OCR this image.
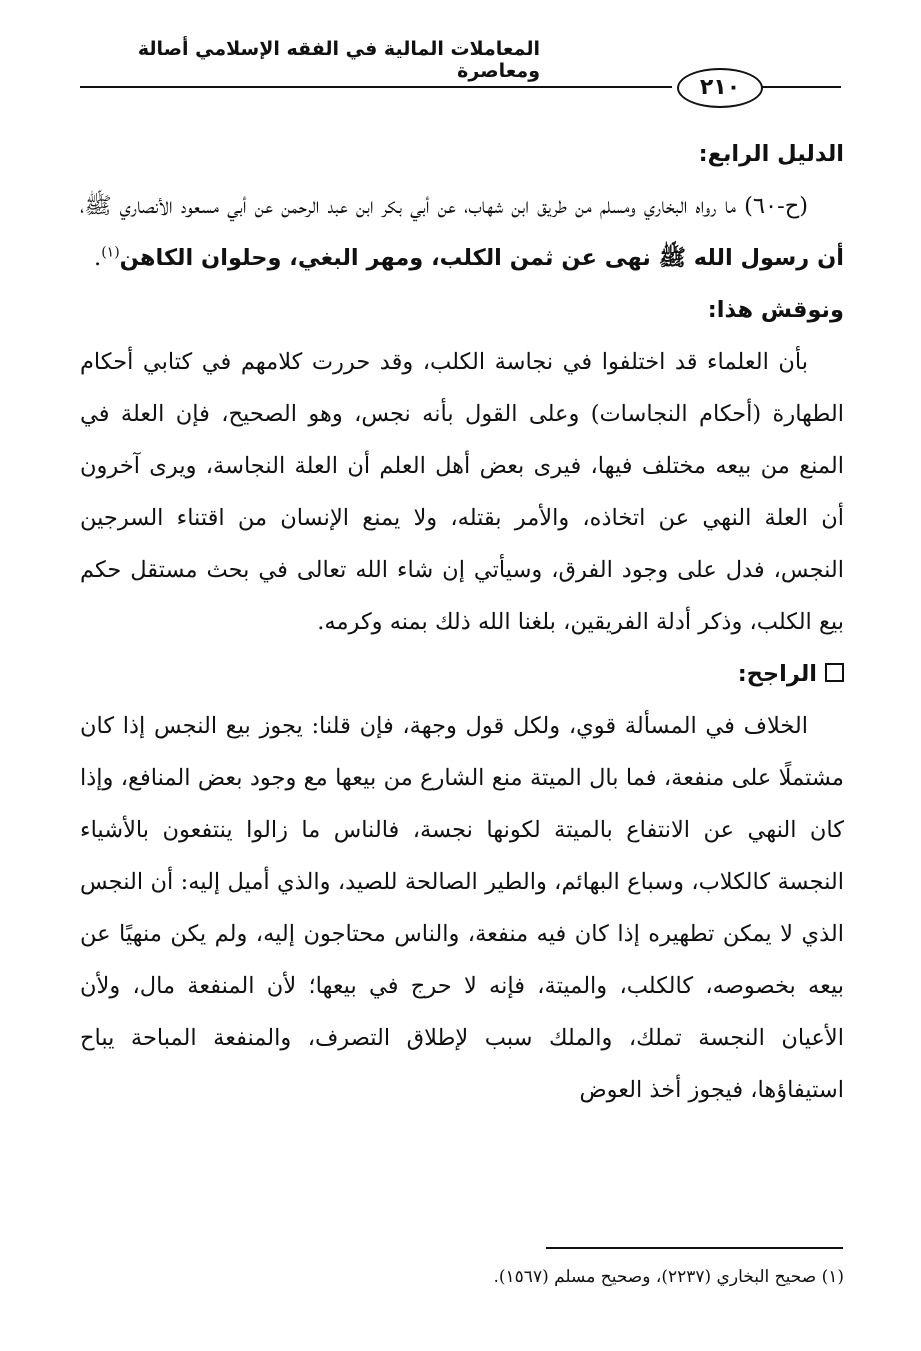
المعاملات المالية في الفقه الإسلامي أصالة ومعاصرة
٢١٠

الدليل الرابع:

(ح-٦٠) ما رواه البخاري ومسلم من طريق ابن شهاب، عن أبي بكر ابن عبد الرحمن عن أبي مسعود الأنصاري ﷺ، أن رسول الله ﷺ نهى عن ثمن الكلب، ومهر البغي، وحلوان الكاهن$^{(١)}$.

ونوقش هذا:

بأن العلماء قد اختلفوا في نجاسة الكلب، وقد حررت كلامهم في كتابي أحكام الطهارة (أحكام النجاسات) وعلى القول بأنه نجس، وهو الصحيح، فإن العلة في المنع من بيعه مختلف فيها، فيرى بعض أهل العلم أن العلة النجاسة، ويرى آخرون أن العلة النهي عن اتخاذه، والأمر بقتله، ولا يمنع الإنسان من اقتناء السرجين النجس، فدل على وجود الفرق، وسيأتي إن شاء الله تعالى في بحث مستقل حكم بيع الكلب، وذكر أدلة الفريقين، بلغنا الله ذلك بمنه وكرمه.

الراجح:

الخلاف في المسألة قوي، ولكل قول وجهة، فإن قلنا: يجوز بيع النجس إذا كان مشتملًا على منفعة، فما بال الميتة منع الشارع من بيعها مع وجود بعض المنافع، وإذا كان النهي عن الانتفاع بالميتة لكونها نجسة، فالناس ما زالوا ينتفعون بالأشياء النجسة كالكلاب، وسباع البهائم، والطير الصالحة للصيد، والذي أميل إليه: أن النجس الذي لا يمكن تطهيره إذا كان فيه منفعة، والناس محتاجون إليه، ولم يكن منهيًا عن بيعه بخصوصه، كالكلب، والميتة، فإنه لا حرج في بيعها؛ لأن المنفعة مال، ولأن الأعيان النجسة تملك، والملك سبب لإطلاق التصرف، والمنفعة المباحة يباح استيفاؤها، فيجوز أخذ العوض

(١) صحيح البخاري (٢٢٣٧)، وصحيح مسلم (١٥٦٧).
